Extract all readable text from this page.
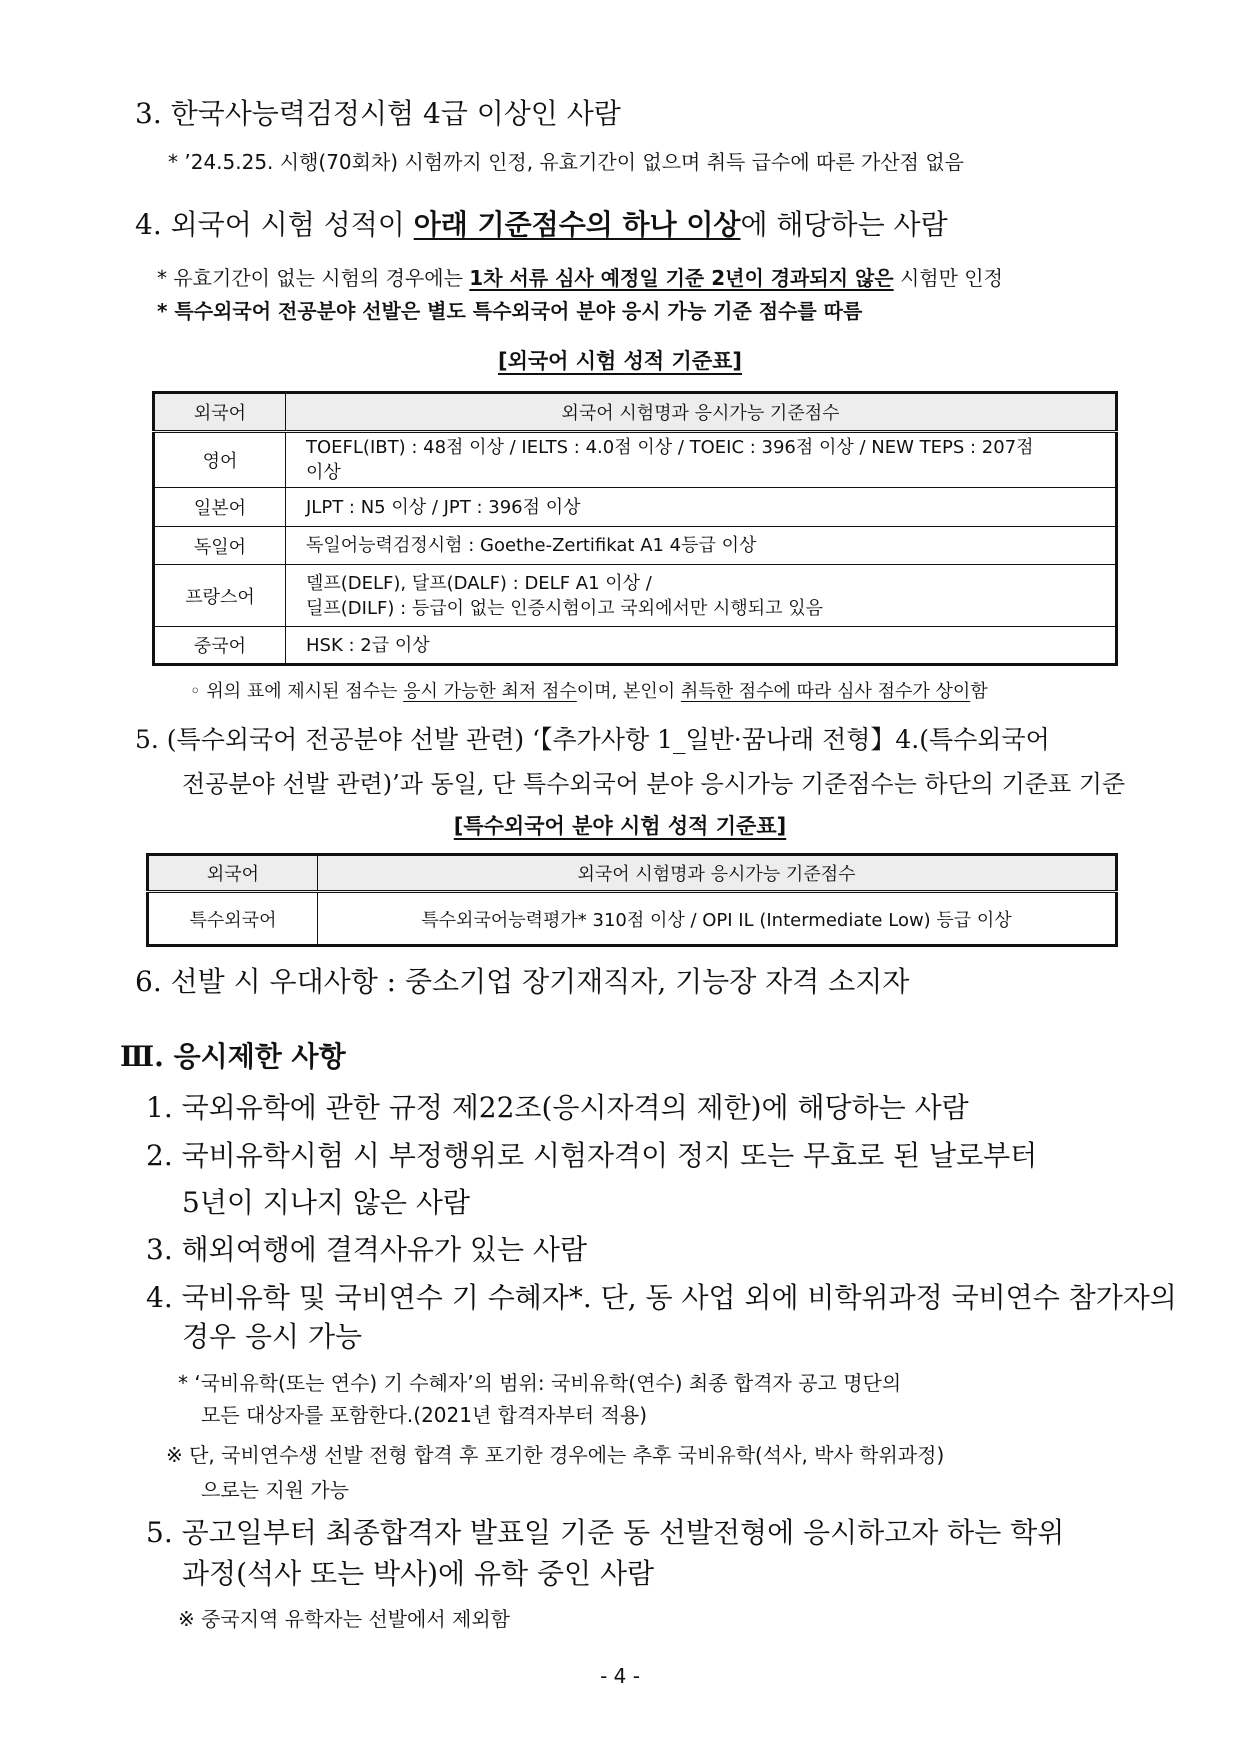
3. 한국사능력검정시험 4급 이상인 사람
* ’24.5.25. 시행(70회차) 시험까지 인정, 유효기간이 없으며 취득 급수에 따른 가산점 없음
4. 외국어 시험 성적이 아래 기준점수의 하나 이상에 해당하는 사람
* 유효기간이 없는 시험의 경우에는 1차 서류 심사 예정일 기준 2년이 경과되지 않은 시험만 인정
* 특수외국어 전공분야 선발은 별도 특수외국어 분야 응시 가능 기준 점수를 따름
[외국어 시험 성적 기준표]
외국어	외국어 시험명과 응시가능 기준점수
영어	TOEFL(IBT) : 48점 이상 / IELTS : 4.0점 이상 / TOEIC : 396점 이상 / NEW TEPS : 207점
이상

일본어	JLPT : N5 이상 / JPT : 396점 이상
독일어	독일어능력검정시험 : Goethe-Zertifikat A1 4등급 이상
프랑스어	델프(DELF), 달프(DALF) : DELF A1 이상 /
딜프(DILF) : 등급이 없는 인증시험이고 국외에서만 시행되고 있음

중국어	HSK : 2급 이상
◦ 위의 표에 제시된 점수는 응시 가능한 최저 점수이며, 본인이 취득한 점수에 따라 심사 점수가 상이함
5. (특수외국어 전공분야 선발 관련) ‘【추가사항 1_일반·꿈나래 전형】4.(특수외국어
전공분야 선발 관련)’과 동일, 단 특수외국어 분야 응시가능 기준점수는 하단의 기준표 기준
[특수외국어 분야 시험 성적 기준표]
외국어	외국어 시험명과 응시가능 기준점수
특수외국어	특수외국어능력평가* 310점 이상 / OPI IL (Intermediate Low) 등급 이상
6. 선발 시 우대사항 : 중소기업 장기재직자, 기능장 자격 소지자
Ⅲ. 응시제한 사항
1. 국외유학에 관한 규정 제22조(응시자격의 제한)에 해당하는 사람
2. 국비유학시험 시 부정행위로 시험자격이 정지 또는 무효로 된 날로부터
5년이 지나지 않은 사람
3. 해외여행에 결격사유가 있는 사람
4. 국비유학 및 국비연수 기 수혜자*. 단, 동 사업 외에 비학위과정 국비연수 참가자의
경우 응시 가능
* ‘국비유학(또는 연수) 기 수혜자’의 범위: 국비유학(연수) 최종 합격자 공고 명단의
모든 대상자를 포함한다.(2021년 합격자부터 적용)
※ 단, 국비연수생 선발 전형 합격 후 포기한 경우에는 추후 국비유학(석사, 박사 학위과정)
으로는 지원 가능
5. 공고일부터 최종합격자 발표일 기준 동 선발전형에 응시하고자 하는 학위
과정(석사 또는 박사)에 유학 중인 사람
※ 중국지역 유학자는 선발에서 제외함
- 4 -
